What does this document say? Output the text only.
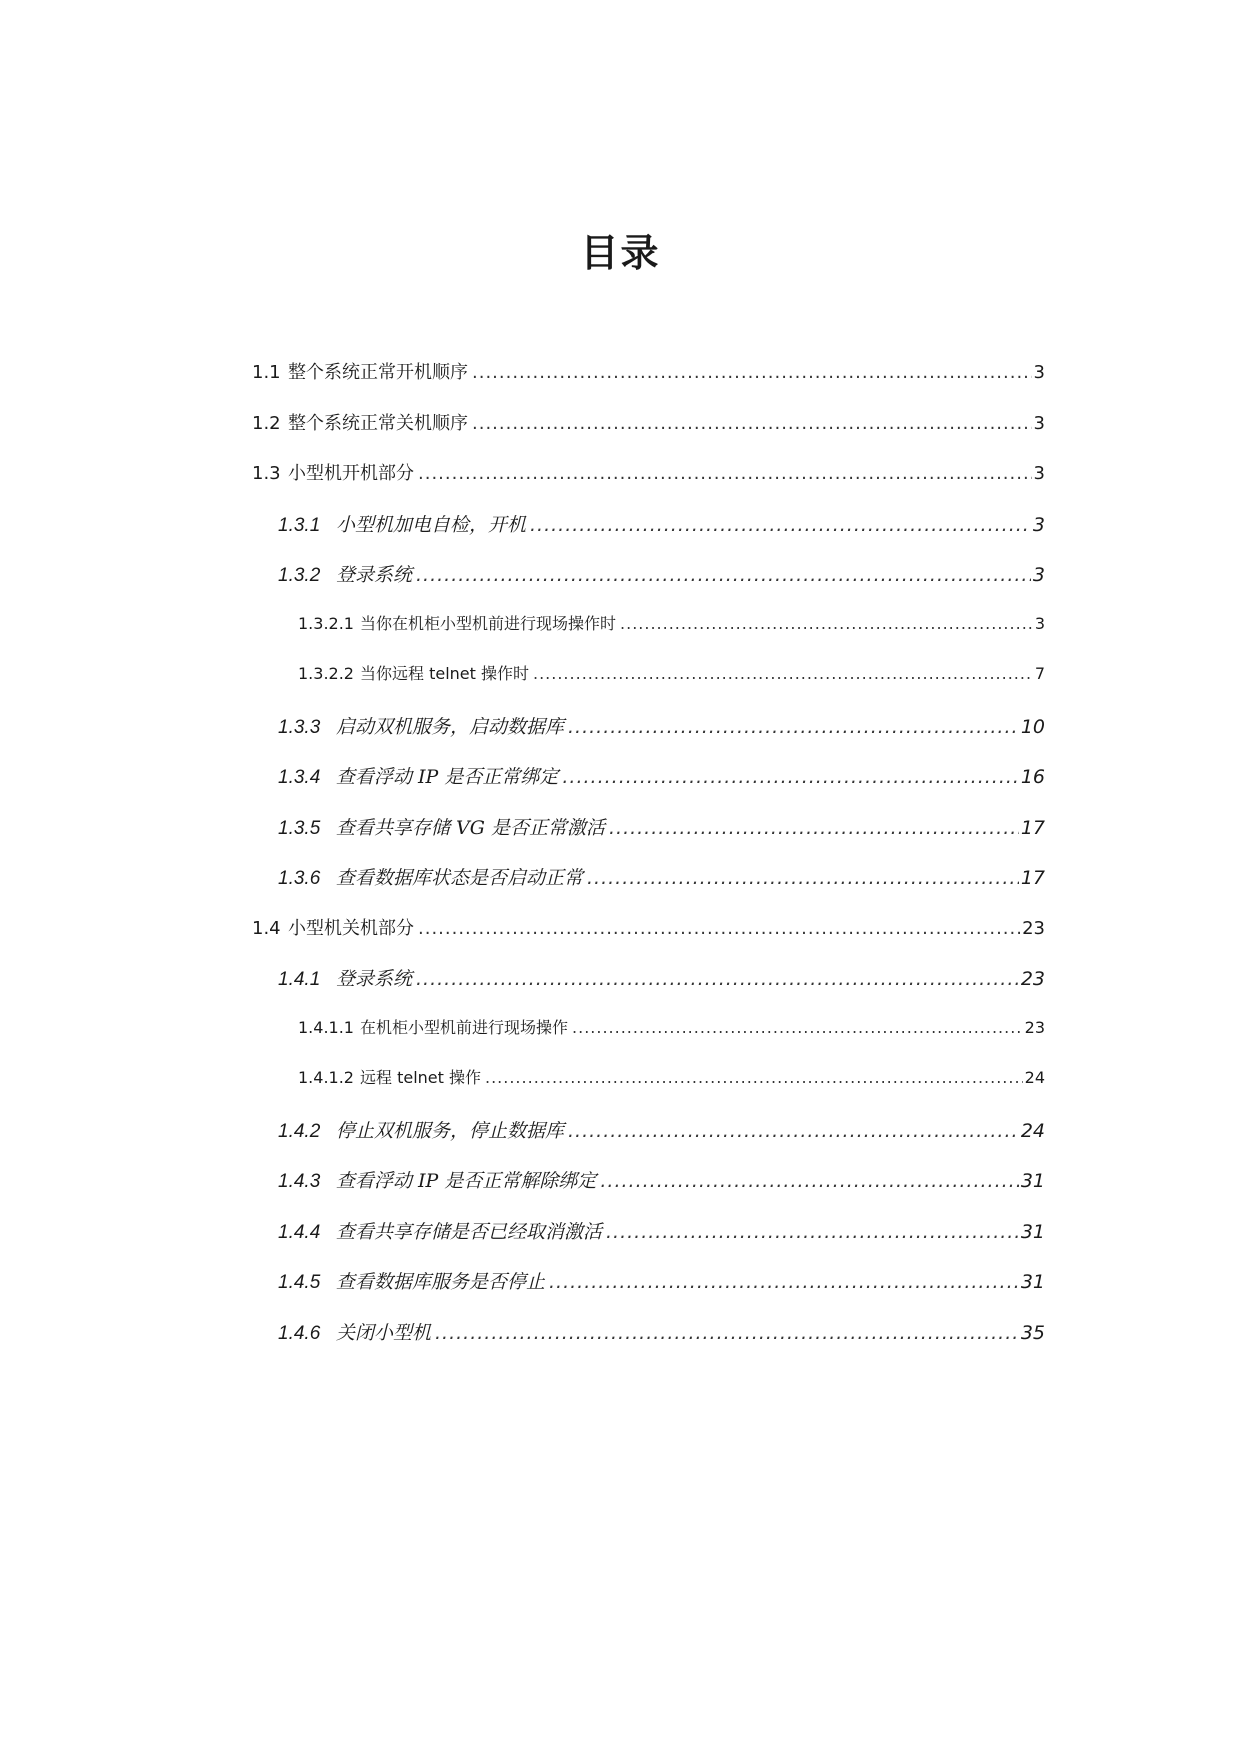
目录
1.1 整个系统正常开机顺序 .....	3
1.2 整个系统正常关机顺序 .....	3
1.3 小型机开机部分 .....	3
1.3.1 小型机加电自检，开机 .....	3
1.3.2 登录系统 .....	3
1.3.2.1 当你在机柜小型机前进行现场操作时 .....	3
1.3.2.2 当你远程 telnet 操作时 .....	7
1.3.3 启动双机服务，启动数据库 .....	10
1.3.4 查看浮动 IP 是否正常绑定 .....	16
1.3.5 查看共享存储 VG 是否正常激活 .....	17
1.3.6 查看数据库状态是否启动正常 .....	17
1.4 小型机关机部分 .....	23
1.4.1 登录系统 .....	23
1.4.1.1 在机柜小型机前进行现场操作 .....	23
1.4.1.2 远程 telnet 操作 .....	24
1.4.2 停止双机服务，停止数据库 .....	24
1.4.3 查看浮动 IP 是否正常解除绑定 .....	31
1.4.4 查看共享存储是否已经取消激活 .....	31
1.4.5 查看数据库服务是否停止 .....	31
1.4.6 关闭小型机 .....	35
